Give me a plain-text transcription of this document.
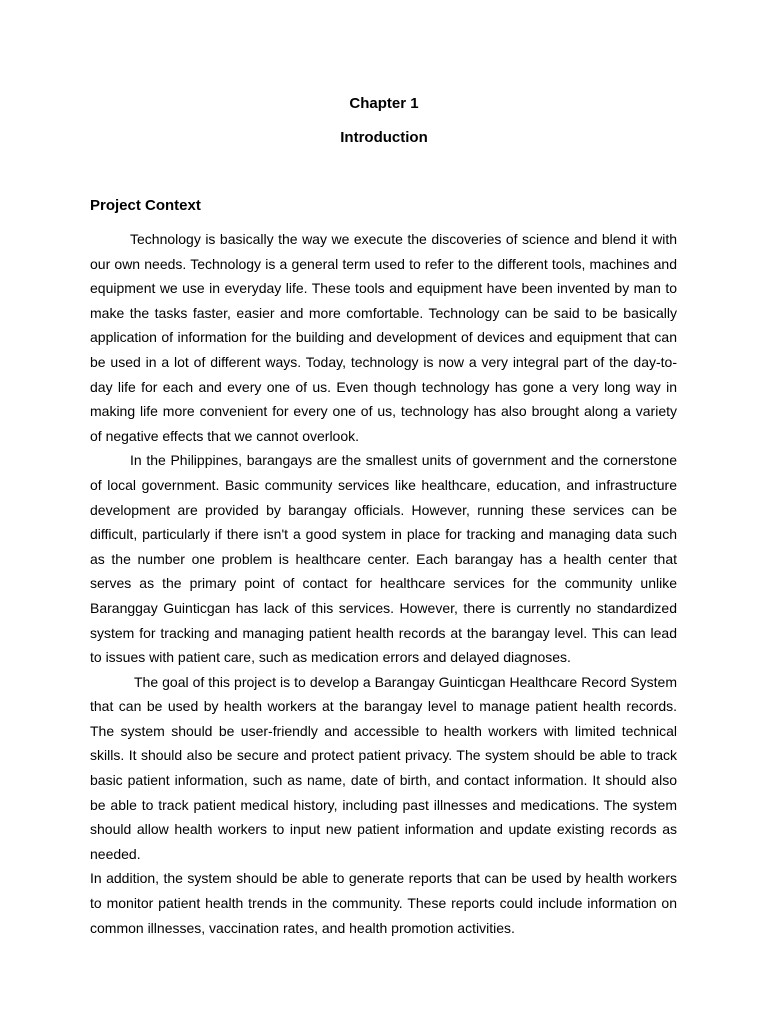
Chapter 1
Introduction
Project Context

Technology is basically the way we execute the discoveries of science and blend it with our own needs. Technology is a general term used to refer to the different tools, machines and equipment we use in everyday life. These tools and equipment have been invented by man to make the tasks faster, easier and more comfortable. Technology can be said to be basically application of information for the building and development of devices and equipment that can be used in a lot of different ways. Today, technology is now a very integral part of the day-to-day life for each and every one of us. Even though technology has gone a very long way in making life more convenient for every one of us, technology has also brought along a variety of negative effects that we cannot overlook.

In the Philippines, barangays are the smallest units of government and the cornerstone of local government. Basic community services like healthcare, education, and infrastructure development are provided by barangay officials. However, running these services can be difficult, particularly if there isn't a good system in place for tracking and managing data such as the number one problem is healthcare center. Each barangay has a health center that serves as the primary point of contact for healthcare services for the community unlike Baranggay Guinticgan has lack of this services. However, there is currently no standardized system for tracking and managing patient health records at the barangay level. This can lead to issues with patient care, such as medication errors and delayed diagnoses.

The goal of this project is to develop a Barangay Guinticgan Healthcare Record System that can be used by health workers at the barangay level to manage patient health records. The system should be user-friendly and accessible to health workers with limited technical skills. It should also be secure and protect patient privacy. The system should be able to track basic patient information, such as name, date of birth, and contact information. It should also be able to track patient medical history, including past illnesses and medications. The system should allow health workers to input new patient information and update existing records as needed.

In addition, the system should be able to generate reports that can be used by health workers to monitor patient health trends in the community. These reports could include information on common illnesses, vaccination rates, and health promotion activities.
